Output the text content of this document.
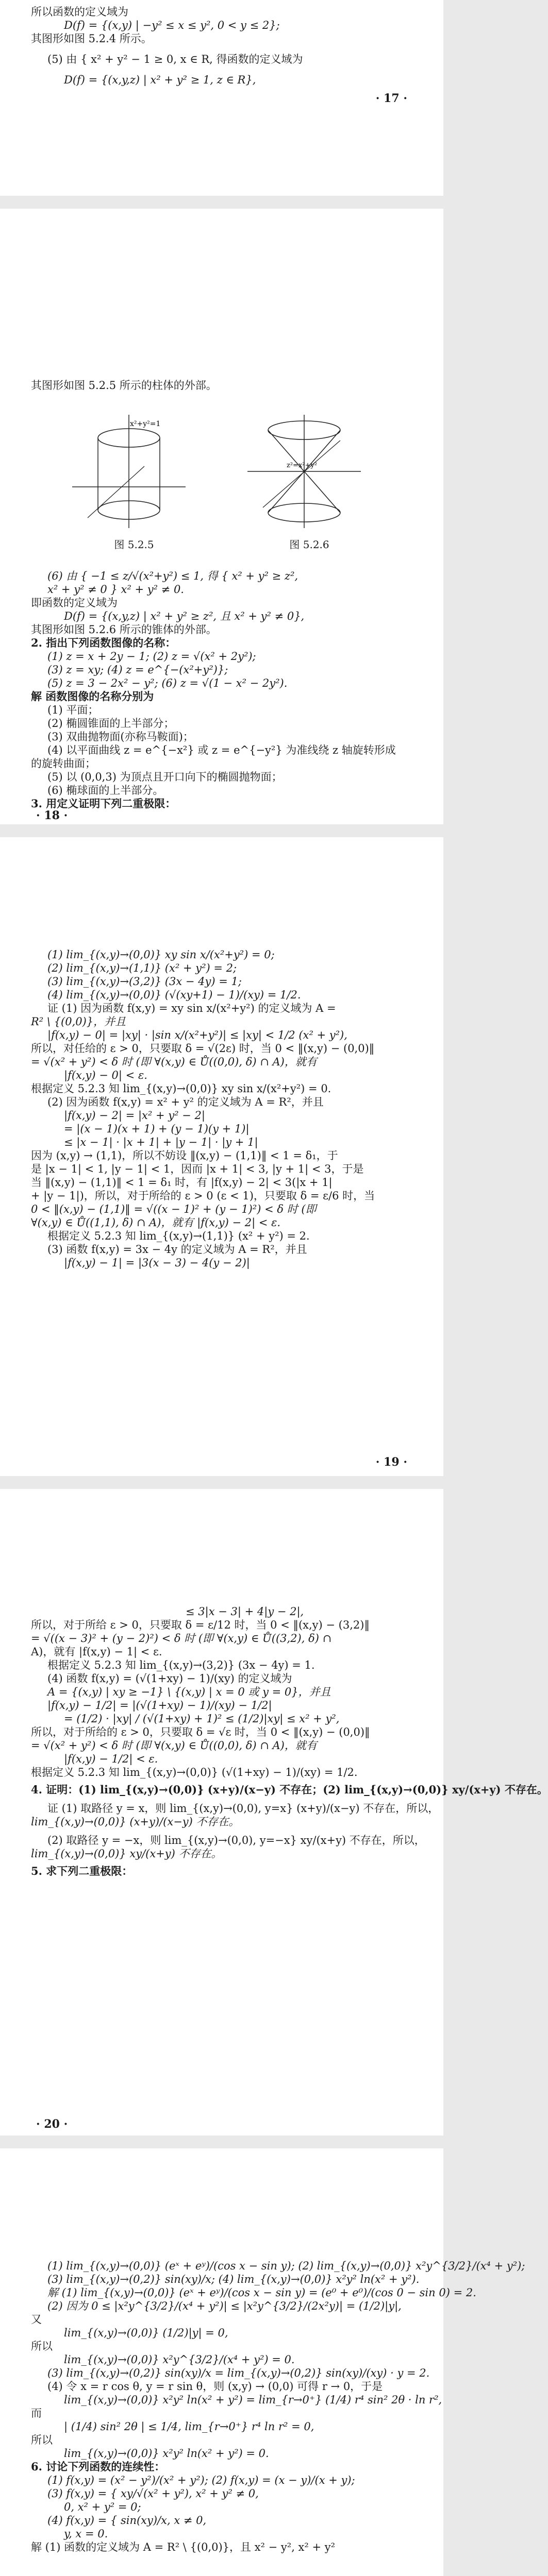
所以函数的定义域为

D(f) = {(x,y) | −y² ≤ x ≤ y², 0 < y ≤ 2};

其图形如图 5.2.4 所示。

(5) 由 { x² + y² − 1 ≥ 0, x ∈ R, 得函数的定义域为

D(f) = {(x,y,z) | x² + y² ≥ 1, z ∈ R},

· 17 ·

其图形如图 5.2.5 所示的柱体的外部。

x²+y²=1
图 5.2.5
z²=x²+y²
图 5.2.6

(6) 由 { −1 ≤ z/√(x²+y²) ≤ 1, 得 { x² + y² ≥ z²,

x² + y² ≠ 0 } x² + y² ≠ 0.

即函数的定义域为

D(f) = {(x,y,z) | x² + y² ≥ z², 且 x² + y² ≠ 0},

其图形如图 5.2.6 所示的锥体的外部。

2. 指出下列函数图像的名称：

(1) z = x + 2y − 1; (2) z = √(x² + 2y²);

(3) z = xy; (4) z = e^{−(x²+y²)};

(5) z = 3 − 2x² − y²; (6) z = √(1 − x² − 2y²).

解 函数图像的名称分别为

(1) 平面；

(2) 椭圆锥面的上半部分；

(3) 双曲抛物面(亦称马鞍面)；

(4) 以平面曲线 z = e^{−x²} 或 z = e^{−y²} 为准线绕 z 轴旋转形成

的旋转曲面；

(5) 以 (0,0,3) 为顶点且开口向下的椭圆抛物面；

(6) 椭球面的上半部分。

3. 用定义证明下列二重极限：

· 18 ·

(1) lim_{(x,y)→(0,0)} xy sin x/(x²+y²) = 0;

(2) lim_{(x,y)→(1,1)} (x² + y²) = 2;

(3) lim_{(x,y)→(3,2)} (3x − 4y) = 1;

(4) lim_{(x,y)→(0,0)} (√(xy+1) − 1)/(xy) = 1/2.

证 (1) 因为函数 f(x,y) = xy sin x/(x²+y²) 的定义域为 A =

R² \ {(0,0)}，并且

|f(x,y) − 0| = |xy| · |sin x/(x²+y²)| ≤ |xy| < 1/2 (x² + y²),

所以，对任给的 ε > 0，只要取 δ = √(2ε) 时，当 0 < ‖(x,y) − (0,0)‖

= √(x² + y²) < δ 时 (即 ∀(x,y) ∈ Ů((0,0), δ) ∩ A)，就有

|f(x,y) − 0| < ε.

根据定义 5.2.3 知 lim_{(x,y)→(0,0)} xy sin x/(x²+y²) = 0.

(2) 因为函数 f(x,y) = x² + y² 的定义域为 A = R²，并且

|f(x,y) − 2| = |x² + y² − 2|

= |(x − 1)(x + 1) + (y − 1)(y + 1)|

≤ |x − 1| · |x + 1| + |y − 1| · |y + 1|

因为 (x,y) → (1,1)，所以不妨设 ‖(x,y) − (1,1)‖ < 1 = δ₁，于

是 |x − 1| < 1, |y − 1| < 1，因而 |x + 1| < 3, |y + 1| < 3，于是

当 ‖(x,y) − (1,1)‖ < 1 = δ₁ 时，有 |f(x,y) − 2| < 3(|x + 1|

+ |y − 1|)，所以，对于所给的 ε > 0 (ε < 1)，只要取 δ = ε/6 时，当

0 < ‖(x,y) − (1,1)‖ = √((x − 1)² + (y − 1)²) < δ 时 (即

∀(x,y) ∈ Ů((1,1), δ) ∩ A)，就有 |f(x,y) − 2| < ε.

根据定义 5.2.3 知 lim_{(x,y)→(1,1)} (x² + y²) = 2.

(3) 函数 f(x,y) = 3x − 4y 的定义域为 A = R²，并且

|f(x,y) − 1| = |3(x − 3) − 4(y − 2)|

· 19 ·

≤ 3|x − 3| + 4|y − 2|,

所以，对于所给 ε > 0，只要取 δ = ε/12 时，当 0 < ‖(x,y) − (3,2)‖

= √((x − 3)² + (y − 2)²) < δ 时 (即 ∀(x,y) ∈ Ů((3,2), δ) ∩

A)，就有 |f(x,y) − 1| < ε.

根据定义 5.2.3 知 lim_{(x,y)→(3,2)} (3x − 4y) = 1.

(4) 函数 f(x,y) = (√(1+xy) − 1)/(xy) 的定义域为

A = {(x,y) | xy ≥ −1} \ {(x,y) | x = 0 或 y = 0}，并且

|f(x,y) − 1/2| = |(√(1+xy) − 1)/(xy) − 1/2|

= (1/2) · |xy| / (√(1+xy) + 1)² ≤ (1/2)|xy| ≤ x² + y²,

所以，对于所给的 ε > 0，只要取 δ = √ε 时，当 0 < ‖(x,y) − (0,0)‖

= √(x² + y²) < δ 时 (即 ∀(x,y) ∈ Ů((0,0), δ) ∩ A)，就有

|f(x,y) − 1/2| < ε.

根据定义 5.2.3 知 lim_{(x,y)→(0,0)} (√(1+xy) − 1)/(xy) = 1/2.

4. 证明：(1) lim_{(x,y)→(0,0)} (x+y)/(x−y) 不存在；(2) lim_{(x,y)→(0,0)} xy/(x+y) 不存在。

证 (1) 取路径 y = x，则 lim_{(x,y)→(0,0), y=x} (x+y)/(x−y) 不存在，所以，

lim_{(x,y)→(0,0)} (x+y)/(x−y) 不存在。

(2) 取路径 y = −x，则 lim_{(x,y)→(0,0), y=−x} xy/(x+y) 不存在，所以，

lim_{(x,y)→(0,0)} xy/(x+y) 不存在。

5. 求下列二重极限：

· 20 ·

(1) lim_{(x,y)→(0,0)} (eˣ + eʸ)/(cos x − sin y); (2) lim_{(x,y)→(0,0)} x²y^{3/2}/(x⁴ + y²);

(3) lim_{(x,y)→(0,2)} sin(xy)/x; (4) lim_{(x,y)→(0,0)} x²y² ln(x² + y²).

解 (1) lim_{(x,y)→(0,0)} (eˣ + eʸ)/(cos x − sin y) = (e⁰ + e⁰)/(cos 0 − sin 0) = 2.

(2) 因为 0 ≤ |x²y^{3/2}/(x⁴ + y²)| ≤ |x²y^{3/2}/(2x²y)| = (1/2)|y|,

又

lim_{(x,y)→(0,0)} (1/2)|y| = 0,

所以

lim_{(x,y)→(0,0)} x²y^{3/2}/(x⁴ + y²) = 0.

(3) lim_{(x,y)→(0,2)} sin(xy)/x = lim_{(x,y)→(0,2)} sin(xy)/(xy) · y = 2.

(4) 令 x = r cos θ, y = r sin θ，则 (x,y) → (0,0) 可得 r → 0，于是

lim_{(x,y)→(0,0)} x²y² ln(x² + y²) = lim_{r→0⁺} (1/4) r⁴ sin² 2θ · ln r²,

而

| (1/4) sin² 2θ | ≤ 1/4, lim_{r→0⁺} r⁴ ln r² = 0,

所以

lim_{(x,y)→(0,0)} x²y² ln(x² + y²) = 0.

6. 讨论下列函数的连续性：

(1) f(x,y) = (x² − y²)/(x² + y²); (2) f(x,y) = (x − y)/(x + y);

(3) f(x,y) = { xy/√(x² + y²), x² + y² ≠ 0,

0, x² + y² = 0;

(4) f(x,y) = { sin(xy)/x, x ≠ 0,

y, x = 0.

解 (1) 函数的定义域为 A = R² \ {(0,0)}，且 x² − y², x² + y²
